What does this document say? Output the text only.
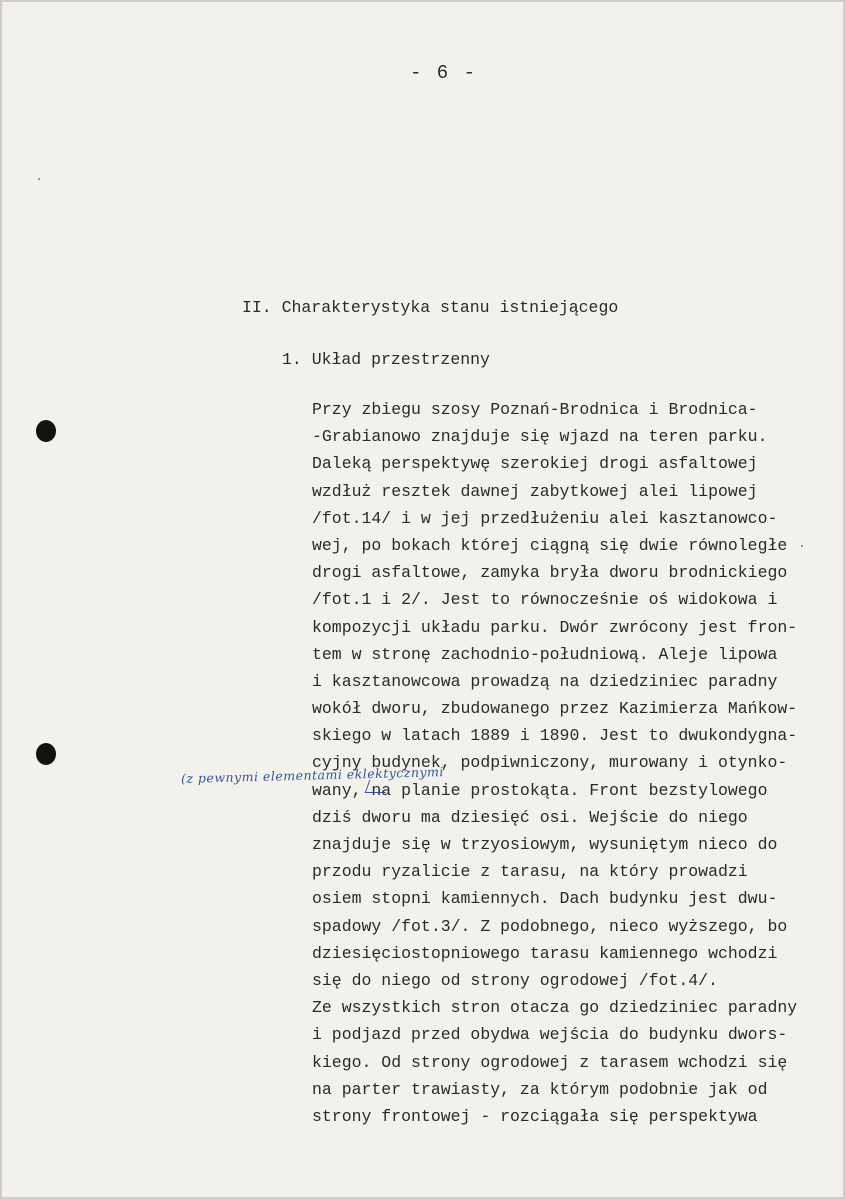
- 6 -
II. Charakterystyka stanu istniejącego
1. Układ przestrzenny
Przy zbiegu szosy Poznań-Brodnica i Brodnica-
-Grabianowo znajduje się wjazd na teren parku.
Daleką perspektywę szerokiej drogi asfaltowej
wzdłuż resztek dawnej zabytkowej alei lipowej
/fot.14/ i w jej przedłużeniu alei kasztanowco-
wej, po bokach której ciągną się dwie równoległe
drogi asfaltowe, zamyka bryła dworu brodnickiego
/fot.1 i 2/. Jest to równocześnie oś widokowa i
kompozycji układu parku. Dwór zwrócony jest fron-
tem w stronę zachodnio-południową. Aleje lipowa
i kasztanowcowa prowadzą na dziedziniec paradny
wokół dworu, zbudowanego przez Kazimierza Mańkow-
skiego w latach 1889 i 1890. Jest to dwukondygna-
cyjny budynek, podpiwniczony, murowany i otynko-
wany, na planie prostokąta. Front bezstylowego
dziś dworu ma dziesięć osi. Wejście do niego
znajduje się w trzyosiowym, wysuniętym nieco do
przodu ryzalicie z tarasu, na który prowadzi
osiem stopni kamiennych. Dach budynku jest dwu-
spadowy /fot.3/. Z podobnego, nieco wyższego, bo
dziesięciostopniowego tarasu kamiennego wchodzi
się do niego od strony ogrodowej /fot.4/.
Ze wszystkich stron otacza go dziedziniec paradny
i podjazd przed obydwa wejścia do budynku dwors-
kiego. Od strony ogrodowej z tarasem wchodzi się
na parter trawiasty, za którym podobnie jak od
strony frontowej - rozciągała się perspektywa
(z pewnymi elementami eklektycznymi
